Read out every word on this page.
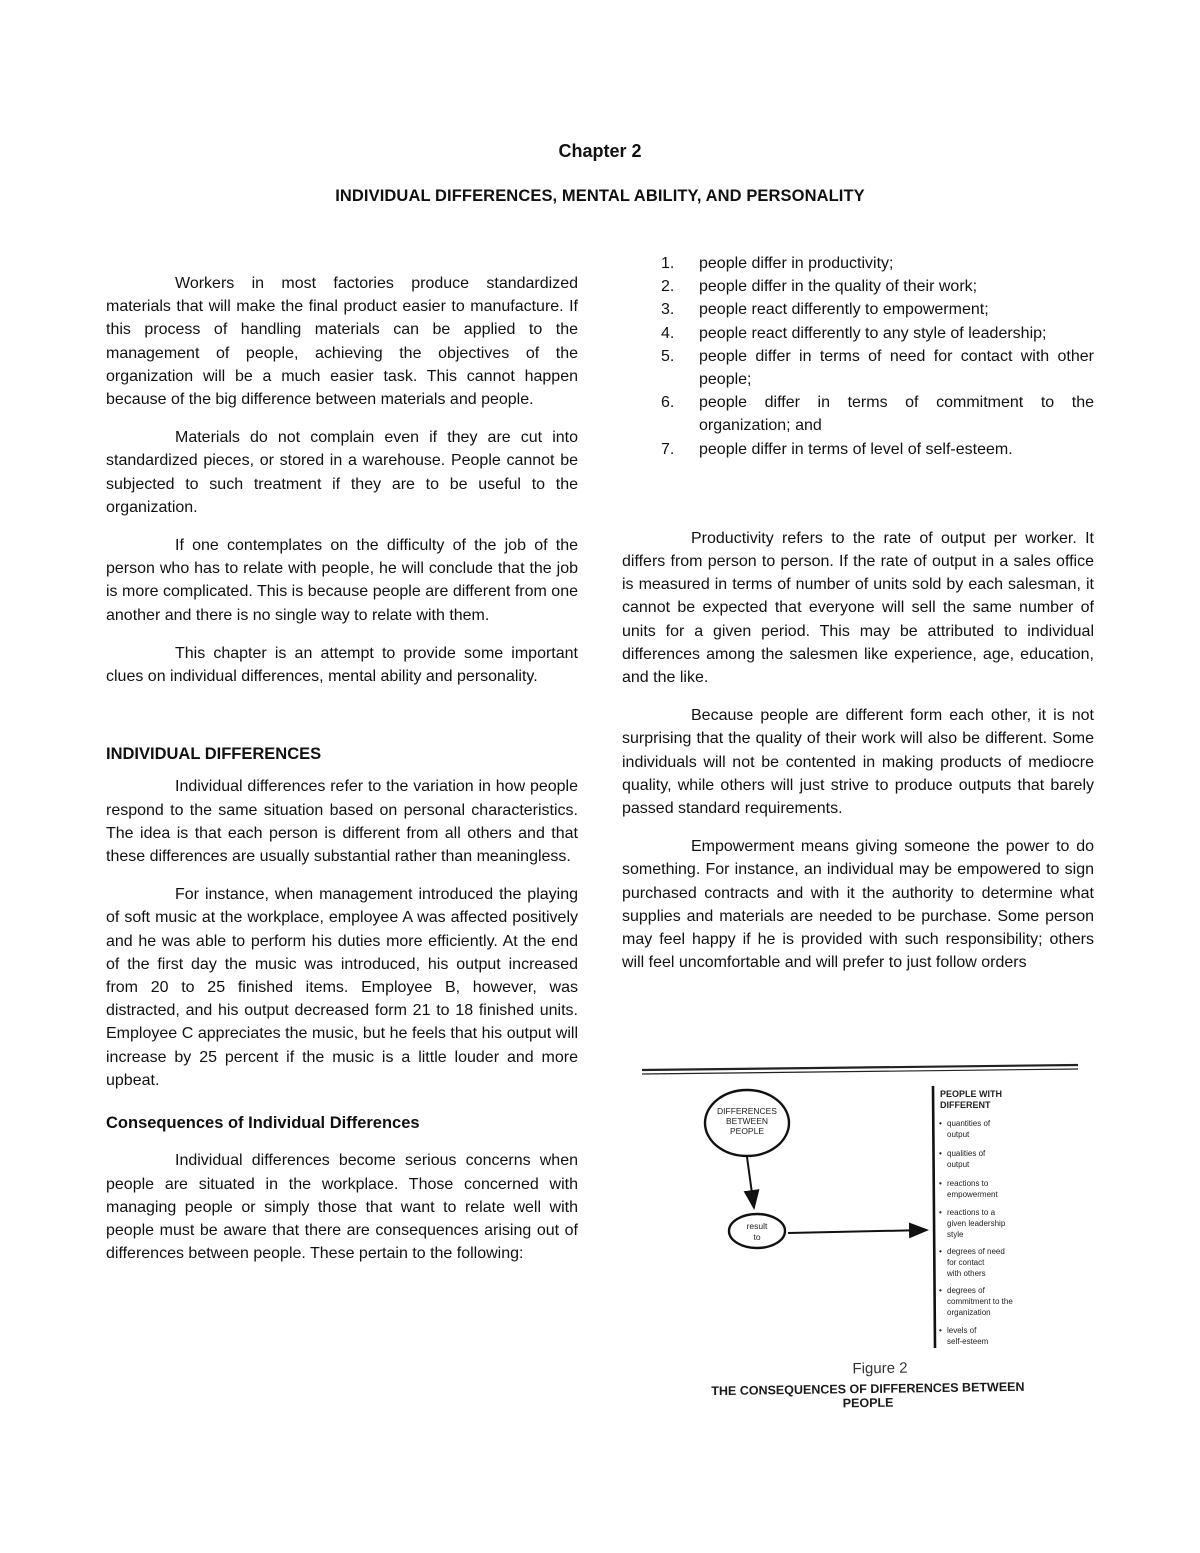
Chapter 2
INDIVIDUAL DIFFERENCES, MENTAL ABILITY, AND PERSONALITY

Workers in most factories produce standardized materials that will make the final product easier to manufacture. If this process of handling materials can be applied to the management of people, achieving the objectives of the organization will be a much easier task. This cannot happen because of the big difference between materials and people.

Materials do not complain even if they are cut into standardized pieces, or stored in a warehouse. People cannot be subjected to such treatment if they are to be useful to the organization.

If one contemplates on the difficulty of the job of the person who has to relate with people, he will conclude that the job is more complicated. This is because people are different from one another and there is no single way to relate with them.

This chapter is an attempt to provide some important clues on individual differences, mental ability and personality.

INDIVIDUAL DIFFERENCES

Individual differences refer to the variation in how people respond to the same situation based on personal characteristics. The idea is that each person is different from all others and that these differences are usually substantial rather than meaningless.

For instance, when management introduced the playing of soft music at the workplace, employee A was affected positively and he was able to perform his duties more efficiently. At the end of the first day the music was introduced, his output increased from 20 to 25 finished items. Employee B, however, was distracted, and his output decreased form 21 to 18 finished units. Employee C appreciates the music, but he feels that his output will increase by 25 percent if the music is a little louder and more upbeat.

Consequences of Individual Differences

Individual differences become serious concerns when people are situated in the workplace. Those concerned with managing people or simply those that want to relate well with people must be aware that there are consequences arising out of differences between people. These pertain to the following:

1. people differ in productivity;
2. people differ in the quality of their work;
3. people react differently to empowerment;
4. people react differently to any style of leadership;
5. people differ in terms of need for contact with other people;
6. people differ in terms of commitment to the organization; and
7. people differ in terms of level of self-esteem.

Productivity refers to the rate of output per worker. It differs from person to person. If the rate of output in a sales office is measured in terms of number of units sold by each salesman, it cannot be expected that everyone will sell the same number of units for a given period. This may be attributed to individual differences among the salesmen like experience, age, education, and the like.

Because people are different form each other, it is not surprising that the quality of their work will also be different. Some individuals will not be contented in making products of mediocre quality, while others will just strive to produce outputs that barely passed standard requirements.

Empowerment means giving someone the power to do something. For instance, an individual may be empowered to sign purchased contracts and with it the authority to determine what supplies and materials are needed to be purchase. Some person may feel happy if he is provided with such responsibility; others will feel uncomfortable and will prefer to just follow orders

DIFFERENCES
BETWEEN
PEOPLE
result
to
PEOPLE WITH
DIFFERENT
• quantities of
output
• qualities of
output
• reactions to
empowerment
• reactions to a
given leadership
style
• degrees of need
for contact
with others
• degrees of
commitment to the
organization
• levels of
self-esteem
Figure 2
THE CONSEQUENCES OF DIFFERENCES BETWEEN PEOPLE
